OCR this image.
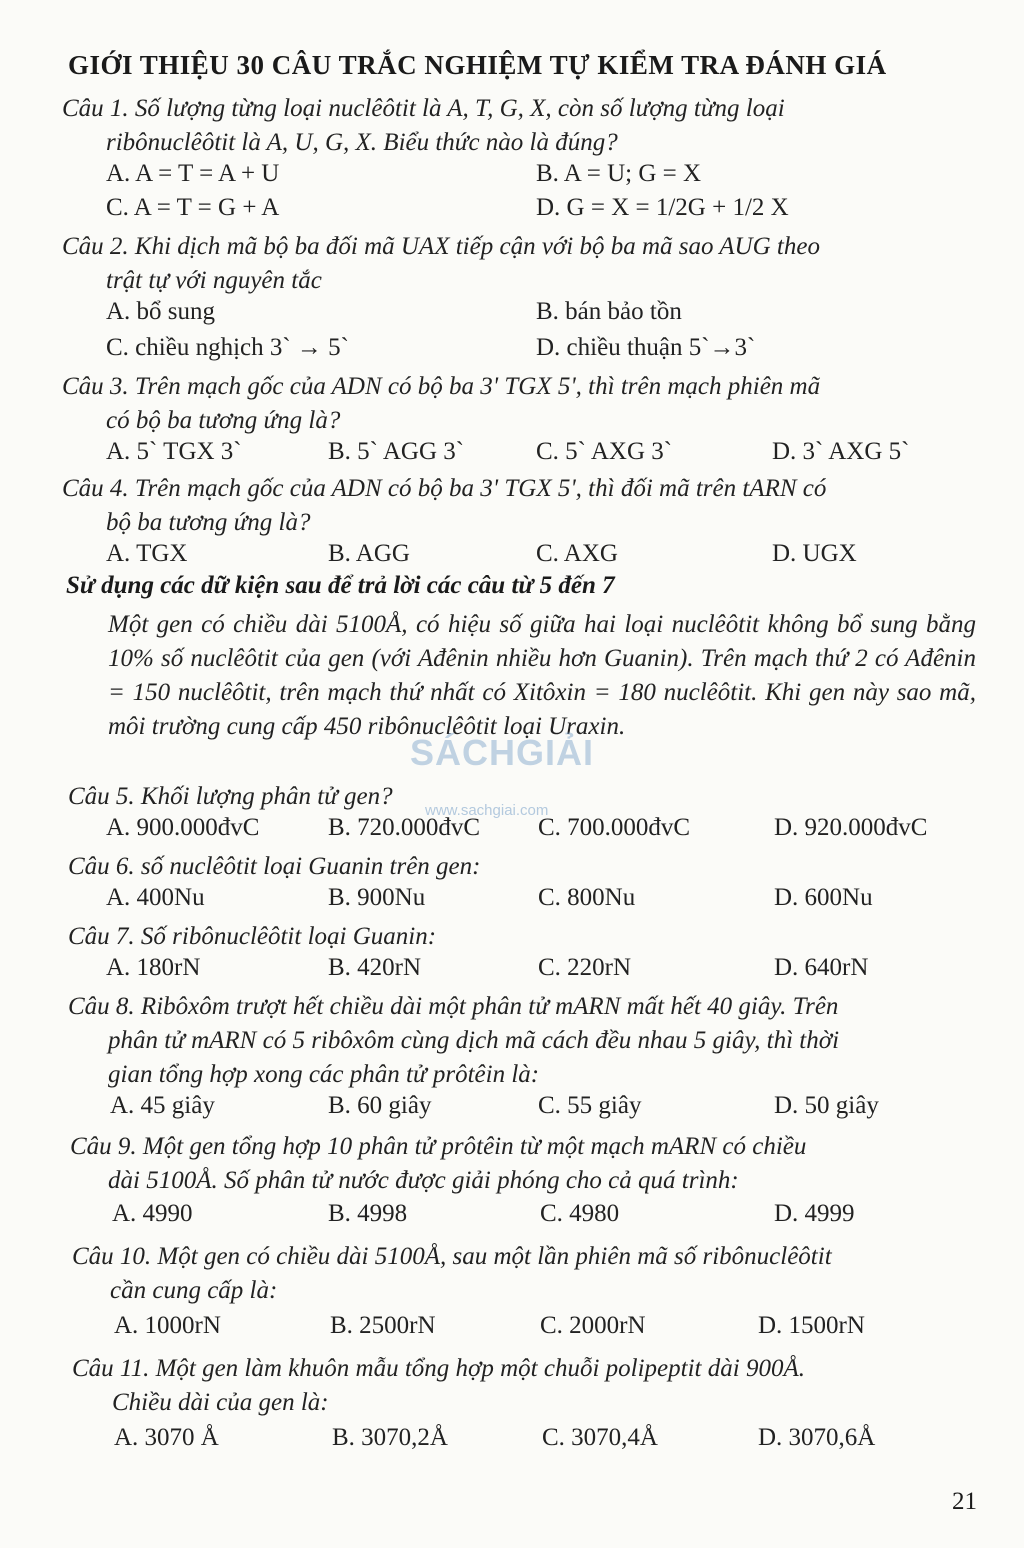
GIỚI THIỆU 30 CÂU TRẮC NGHIỆM TỰ KIỂM TRA ĐÁNH GIÁ
Câu 1. Số lượng từng loại nuclêôtit là A, T, G, X, còn số lượng từng loại
ribônuclêôtit là A, U, G, X. Biểu thức nào là đúng?
A. A = T = A + U	B. A = U; G = X
C. A = T = G + A	D. G = X = 1/2G + 1/2 X
Câu 2. Khi dịch mã bộ ba đối mã UAX tiếp cận với bộ ba mã sao AUG theo
trật tự với nguyên tắc
A. bổ sung	B. bán bảo tồn
C. chiều nghịch 3` → 5`	D. chiều thuận 5`→3`
Câu 3. Trên mạch gốc của ADN có bộ ba 3' TGX 5', thì trên mạch phiên mã
có bộ ba tương ứng là?
A. 5` TGX 3`	B. 5` AGG 3`	C. 5` AXG 3`	D. 3` AXG 5`
Câu 4. Trên mạch gốc của ADN có bộ ba 3' TGX 5', thì đối mã trên tARN có
bộ ba tương ứng là?
A. TGX	B. AGG	C. AXG	D. UGX
Sử dụng các dữ kiện sau để trả lời các câu từ 5 đến 7
Một gen có chiều dài 5100Å, có hiệu số giữa hai loại nuclêôtit không bổ sung bằng 10% số nuclêôtit của gen (với Ađênin nhiều hơn Guanin). Trên mạch thứ 2 có Ađênin = 150 nuclêôtit, trên mạch thứ nhất có Xitôxin = 180 nuclêôtit. Khi gen này sao mã, môi trường cung cấp 450 ribônuclêôtit loại Uraxin.
SÁCHGIẢI
www.sachgiai.com
Câu 5. Khối lượng phân tử gen?
A. 900.000đvC	B. 720.000đvC C. 700.000đvC	D. 920.000đvC
Câu 6. số nuclêôtit loại Guanin trên gen:
A. 400Nu	B. 900Nu	C. 800Nu	D. 600Nu
Câu 7. Số ribônuclêôtit loại Guanin:
A. 180rN	B. 420rN	C. 220rN	D. 640rN
Câu 8. Ribôxôm trượt hết chiều dài một phân tử mARN mất hết 40 giây. Trên
phân tử mARN có 5 ribôxôm cùng dịch mã cách đều nhau 5 giây, thì thời
gian tổng hợp xong các phân tử prôtêin là:
A. 45 giây	B. 60 giây	C. 55 giây	D. 50 giây
Câu 9. Một gen tổng hợp 10 phân tử prôtêin từ một mạch mARN có chiều
dài 5100Å. Số phân tử nước được giải phóng cho cả quá trình:
A. 4990	B. 4998	C. 4980	D. 4999
Câu 10. Một gen có chiều dài 5100Å, sau một lần phiên mã số ribônuclêôtit
cần cung cấp là:
A. 1000rN	B. 2500rN	C. 2000rN	D. 1500rN
Câu 11. Một gen làm khuôn mẫu tổng hợp một chuỗi polipeptit dài 900Å.
Chiều dài của gen là:
A. 3070 Å	B. 3070,2Å	C. 3070,4Å	D. 3070,6Å
21
